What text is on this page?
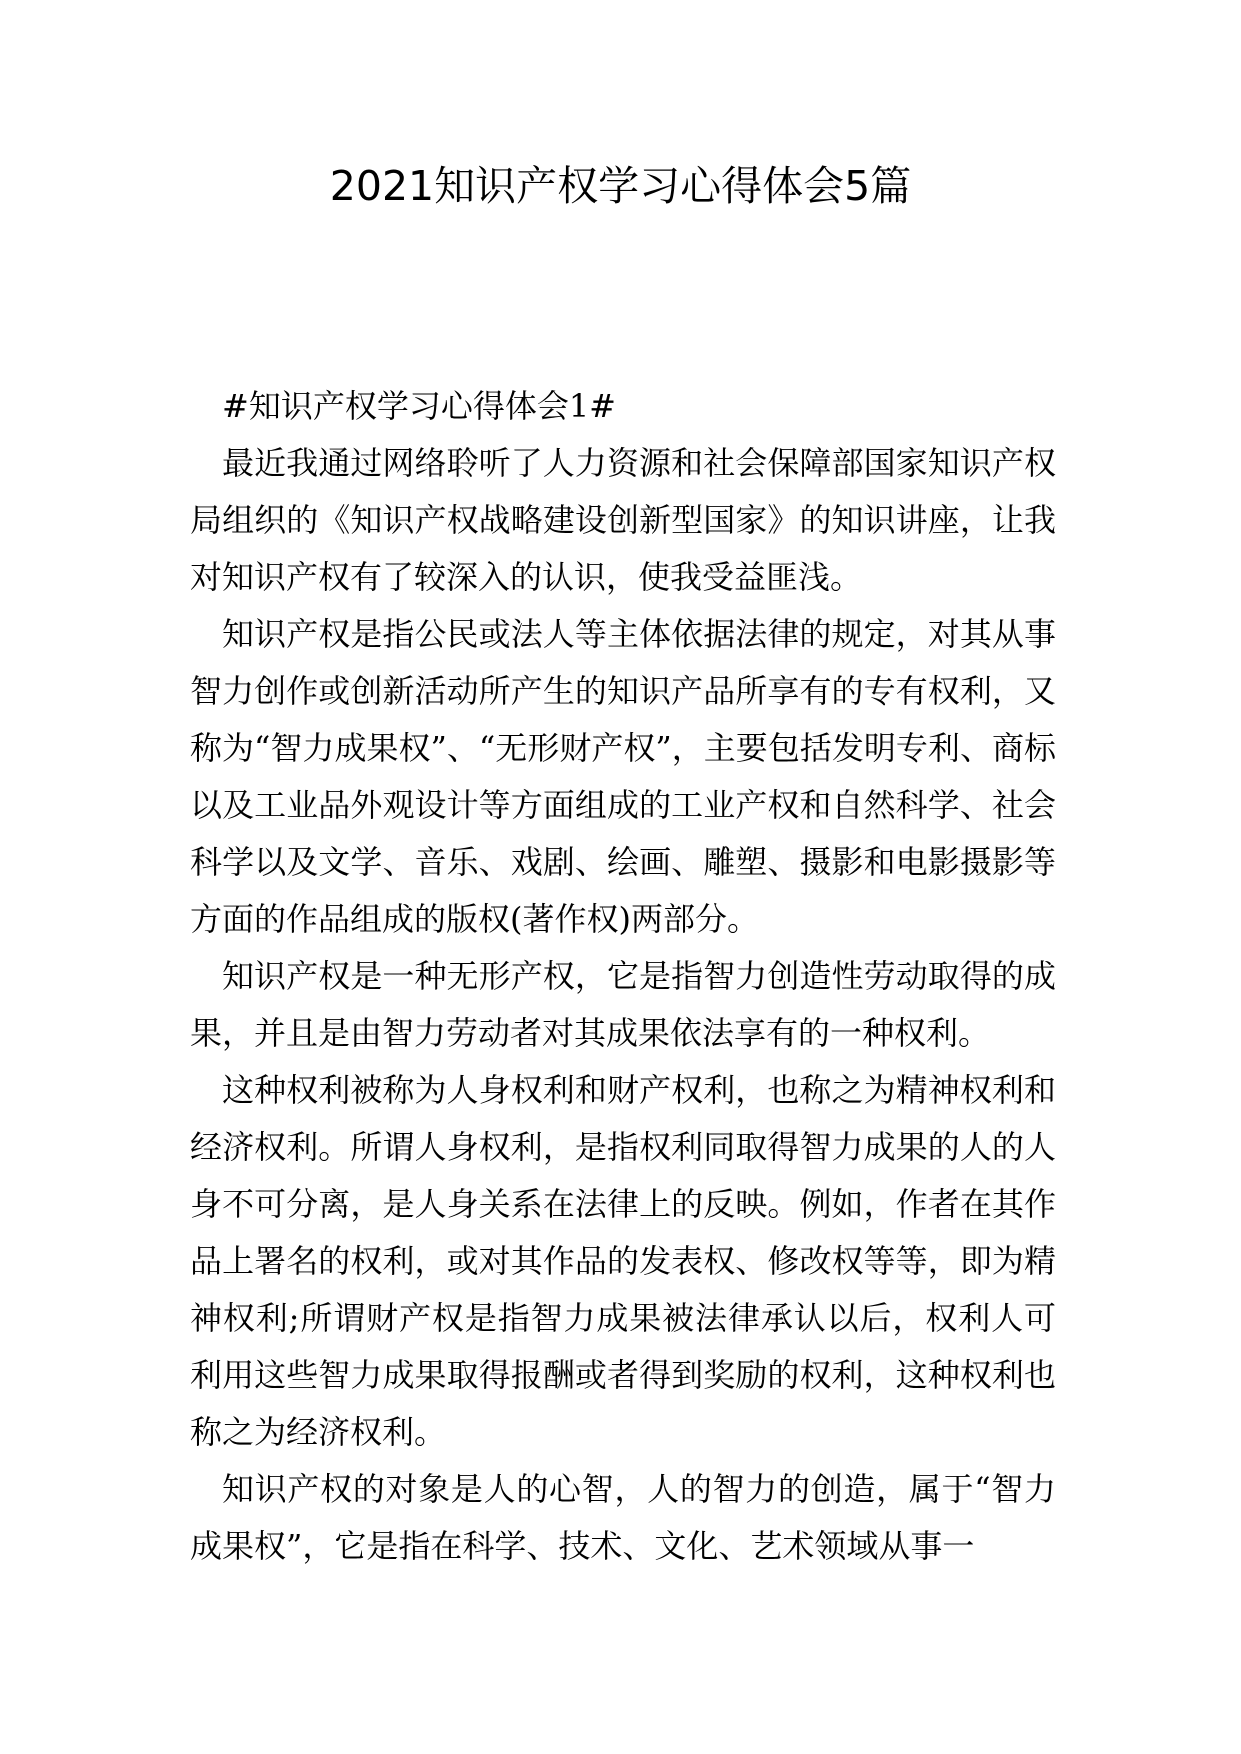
2021知识产权学习心得体会5篇

#知识产权学习心得体会1#

最近我通过网络聆听了人力资源和社会保障部国家知识产权局组织的《知识产权战略建设创新型国家》的知识讲座，让我对知识产权有了较深入的认识，使我受益匪浅。

知识产权是指公民或法人等主体依据法律的规定，对其从事智力创作或创新活动所产生的知识产品所享有的专有权利，又称为“智力成果权”、“无形财产权”，主要包括发明专利、商标以及工业品外观设计等方面组成的工业产权和自然科学、社会科学以及文学、音乐、戏剧、绘画、雕塑、摄影和电影摄影等方面的作品组成的版权(著作权)两部分。

知识产权是一种无形产权，它是指智力创造性劳动取得的成果，并且是由智力劳动者对其成果依法享有的一种权利。

这种权利被称为人身权利和财产权利，也称之为精神权利和经济权利。所谓人身权利，是指权利同取得智力成果的人的人身不可分离，是人身关系在法律上的反映。例如，作者在其作品上署名的权利，或对其作品的发表权、修改权等等，即为精神权利;所谓财产权是指智力成果被法律承认以后，权利人可利用这些智力成果取得报酬或者得到奖励的权利，这种权利也称之为经济权利。

知识产权的对象是人的心智，人的智力的创造，属于“智力成果权”，它是指在科学、技术、文化、艺术领域从事一
